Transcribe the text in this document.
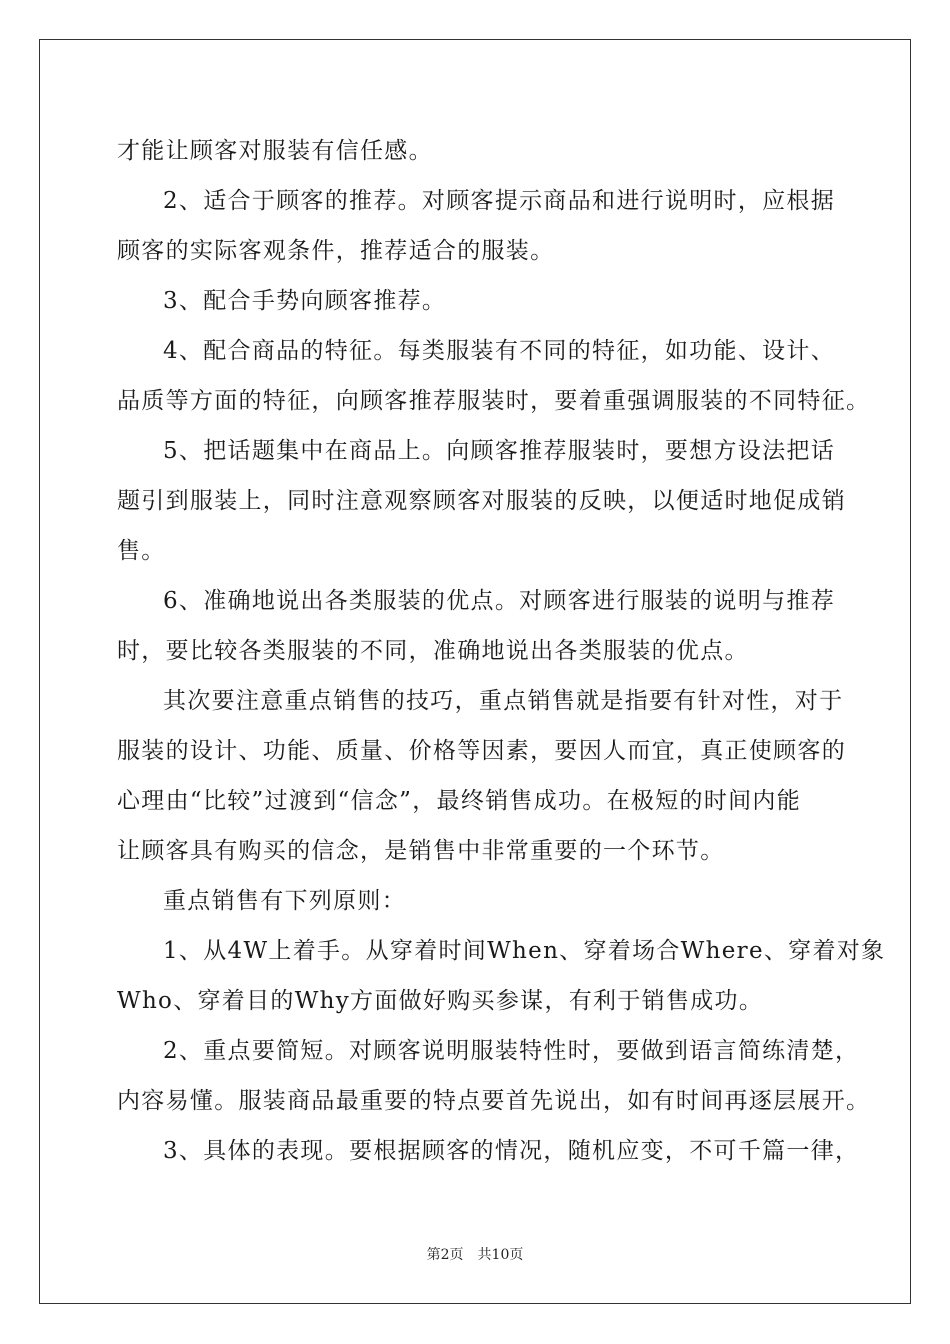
才能让顾客对服装有信任感。
2、适合于顾客的推荐。对顾客提示商品和进行说明时，应根据
顾客的实际客观条件，推荐适合的服装。
3、配合手势向顾客推荐。
4、配合商品的特征。每类服装有不同的特征，如功能、设计、
品质等方面的特征，向顾客推荐服装时，要着重强调服装的不同特征。
5、把话题集中在商品上。向顾客推荐服装时，要想方设法把话
题引到服装上，同时注意观察顾客对服装的反映，以便适时地促成销
售。
6、准确地说出各类服装的优点。对顾客进行服装的说明与推荐
时，要比较各类服装的不同，准确地说出各类服装的优点。
其次要注意重点销售的技巧，重点销售就是指要有针对性，对于
服装的设计、功能、质量、价格等因素，要因人而宜，真正使顾客的
心理由“比较”过渡到“信念”，最终销售成功。在极短的时间内能
让顾客具有购买的信念，是销售中非常重要的一个环节。
重点销售有下列原则：
1、从4W上着手。从穿着时间When、穿着场合Where、穿着对象
Who、穿着目的Why方面做好购买参谋，有利于销售成功。
2、重点要简短。对顾客说明服装特性时，要做到语言简练清楚，
内容易懂。服装商品最重要的特点要首先说出，如有时间再逐层展开。
3、具体的表现。要根据顾客的情况，随机应变，不可千篇一律，
第2页　共10页
